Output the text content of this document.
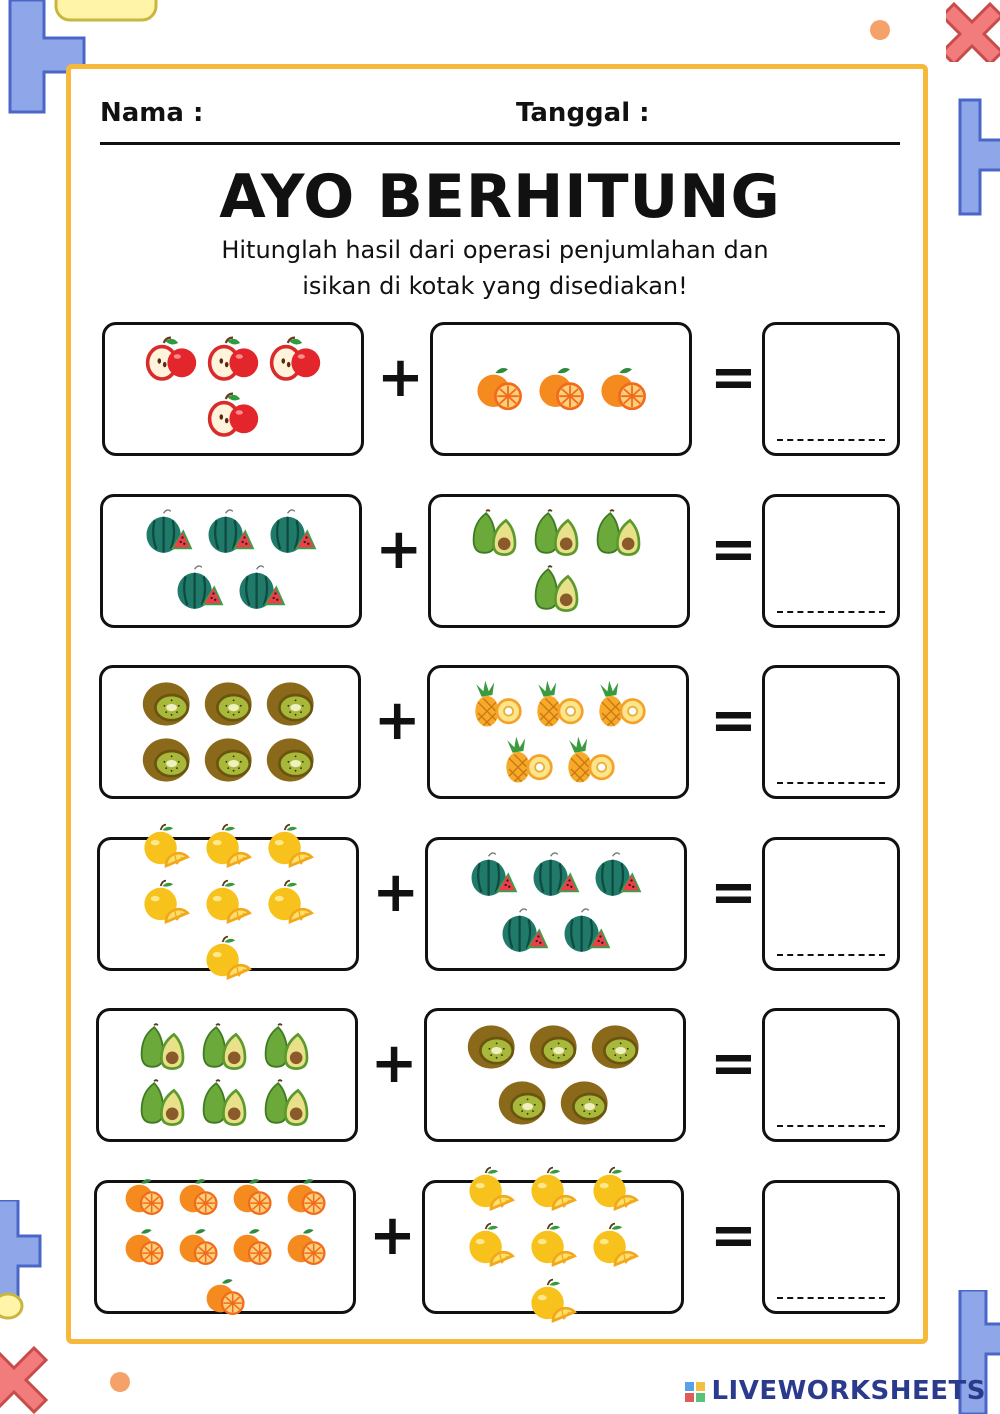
Nama :	Tanggal :
AYO BERHITUNG
Hitunglah hasil dari operasi penjumlahan dan
isikan di kotak yang disediakan!
+	=
+	=
+	=
+	=
+	=
+	=
LIVEWORKSHEETS
